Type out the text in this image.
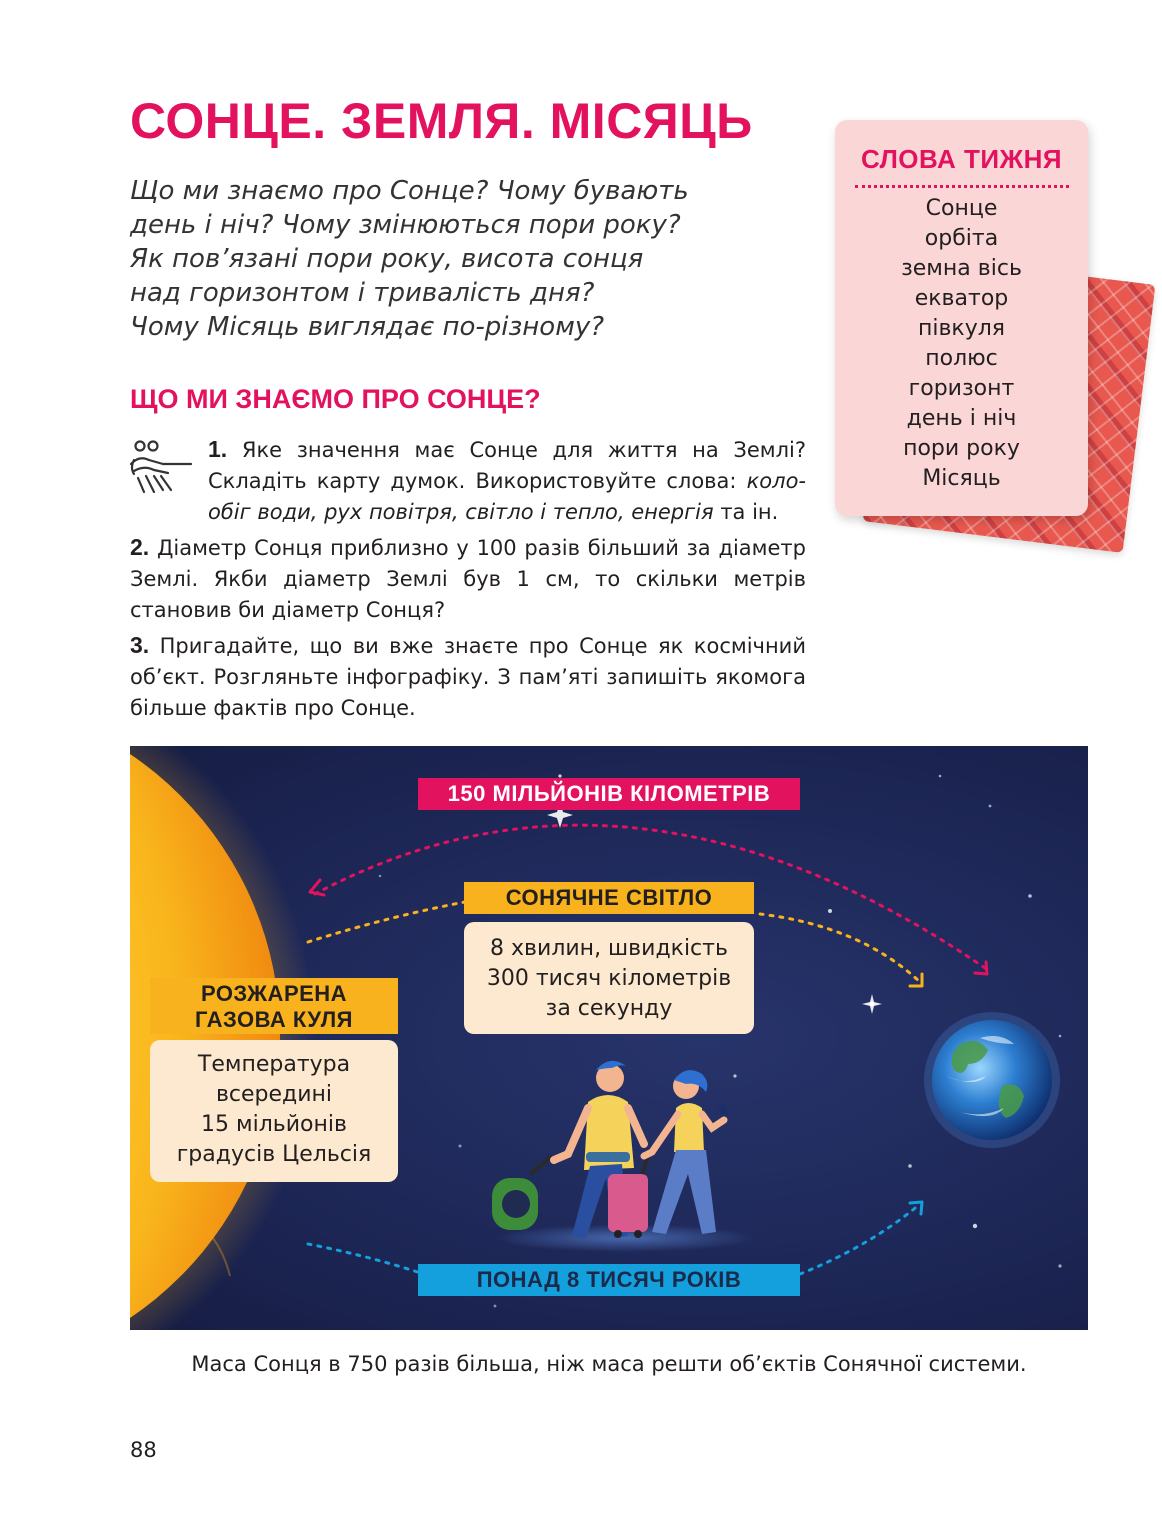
СОНЦЕ. ЗЕМЛЯ. МІСЯЦЬ
Що ми знаємо про Сонце? Чому бувають
день і ніч? Чому змінюються пори року?
Як пов’язані пори року, висота сонця
над горизонтом і тривалість дня?
Чому Місяць виглядає по-різному?
СЛОВА ТИЖНЯ
Сонце
орбіта
земна вісь
екватор
півкуля
полюс
горизонт
день і ніч
пори року
Місяць
ЩО МИ ЗНАЄМО ПРО СОНЦЕ?

1. Яке значення має Сонце для життя на Землі? Складіть карту думок. Використовуйте слова: колообіг води, рух повітря, світло і тепло, енергія та ін.

2. Діаметр Сонця приблизно у 100 разів більший за діаметр Землі. Якби діаметр Землі був 1 см, то скільки метрів становив би діаметр Сонця?

3. Пригадайте, що ви вже знаєте про Сонце як космічний об’єкт. Розгляньте інфографіку. З пам’яті запишіть якомога більше фактів про Сонце.

150 МІЛЬЙОНІВ КІЛОМЕТРІВ
СОНЯЧНЕ СВІТЛО
8 хвилин, швидкість
300 тисяч кілометрів
за секунду
РОЗЖАРЕНА
ГАЗОВА КУЛЯ
Температура
всередині
15 мільйонів
градусів Цельсія
ПОНАД 8 ТИСЯЧ РОКІВ

Маса Сонця в 750 разів більша, ніж маса решти об’єктів Сонячної системи.

88
